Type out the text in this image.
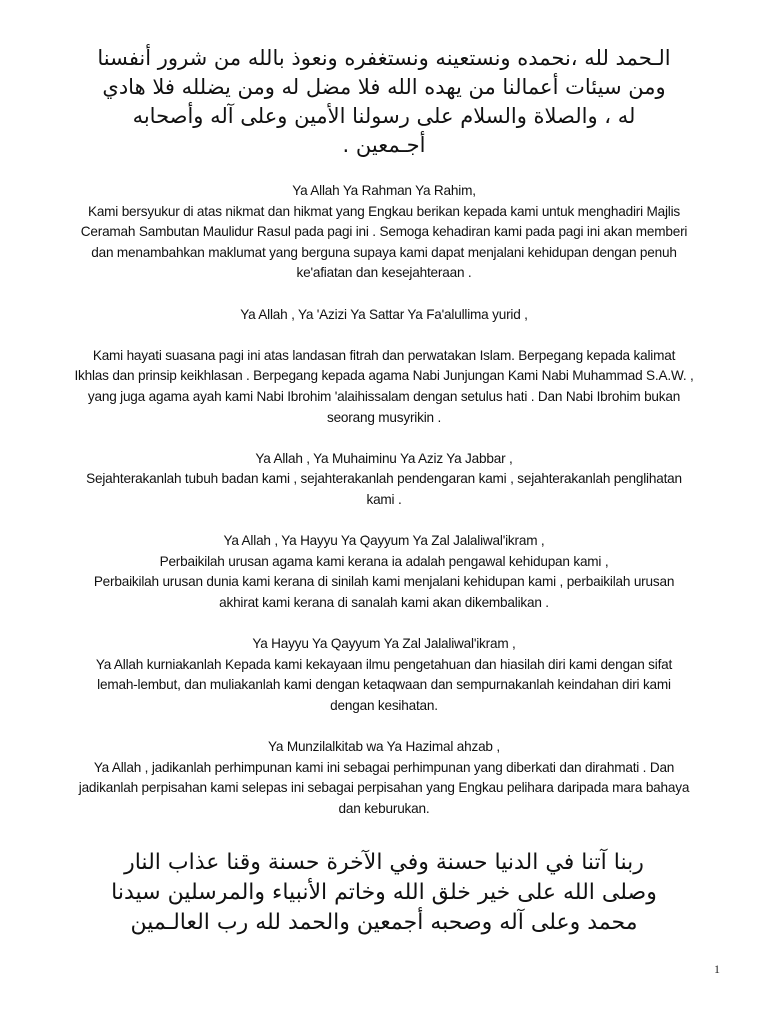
الـحمد لله ،نحمده ونستعينه ونستغفره ونعوذ بالله من شرور أنفسنا
ومن سيئات أعمالنا من يهده الله فلا مضل له ومن يضلله فلا هادي
له ، والصلاة والسلام على رسولنا الأمين وعلى آله وأصحابه
أجـمعين .
Ya Allah Ya Rahman Ya Rahim,
Kami bersyukur di atas nikmat dan hikmat yang Engkau berikan kepada kami untuk menghadiri Majlis
Ceramah Sambutan Maulidur Rasul pada pagi ini . Semoga kehadiran kami pada pagi ini akan memberi
dan menambahkan maklumat yang berguna supaya kami dapat menjalani kehidupan dengan penuh
ke'afiatan dan kesejahteraan .
Ya Allah , Ya 'Azizi Ya Sattar Ya Fa'alullima yurid ,
Kami hayati suasana pagi ini atas landasan fitrah dan perwatakan Islam. Berpegang kepada kalimat
Ikhlas dan prinsip keikhlasan . Berpegang kepada agama Nabi Junjungan Kami Nabi Muhammad S.A.W. ,
yang juga agama ayah kami Nabi Ibrohim 'alaihissalam dengan setulus hati . Dan Nabi Ibrohim bukan
seorang musyrikin .
Ya Allah , Ya Muhaiminu Ya Aziz Ya Jabbar ,
Sejahterakanlah tubuh badan kami , sejahterakanlah pendengaran kami , sejahterakanlah penglihatan
kami .
Ya Allah , Ya Hayyu Ya Qayyum Ya Zal Jalaliwal'ikram ,
Perbaikilah urusan agama kami kerana ia adalah pengawal kehidupan kami ,
Perbaikilah urusan dunia kami kerana di sinilah kami menjalani kehidupan kami , perbaikilah urusan
akhirat kami kerana di sanalah kami akan dikembalikan .
Ya Hayyu Ya Qayyum Ya Zal Jalaliwal'ikram ,
Ya Allah kurniakanlah Kepada kami kekayaan ilmu pengetahuan dan hiasilah diri kami dengan sifat
lemah-lembut, dan muliakanlah kami dengan ketaqwaan dan sempurnakanlah keindahan diri kami
dengan kesihatan.
Ya Munzilalkitab wa Ya Hazimal ahzab ,
Ya Allah , jadikanlah perhimpunan kami ini sebagai perhimpunan yang diberkati dan dirahmati . Dan
jadikanlah perpisahan kami selepas ini sebagai perpisahan yang Engkau pelihara daripada mara bahaya
dan keburukan.
ربنا آتنا في الدنيا حسنة وفي الآخرة حسنة وقنا عذاب النار
وصلى الله على خير خلق الله وخاتم الأنبياء والمرسلين سيدنا
محمد وعلى آله وصحبه أجمعين والحمد لله رب العالـمين
1
